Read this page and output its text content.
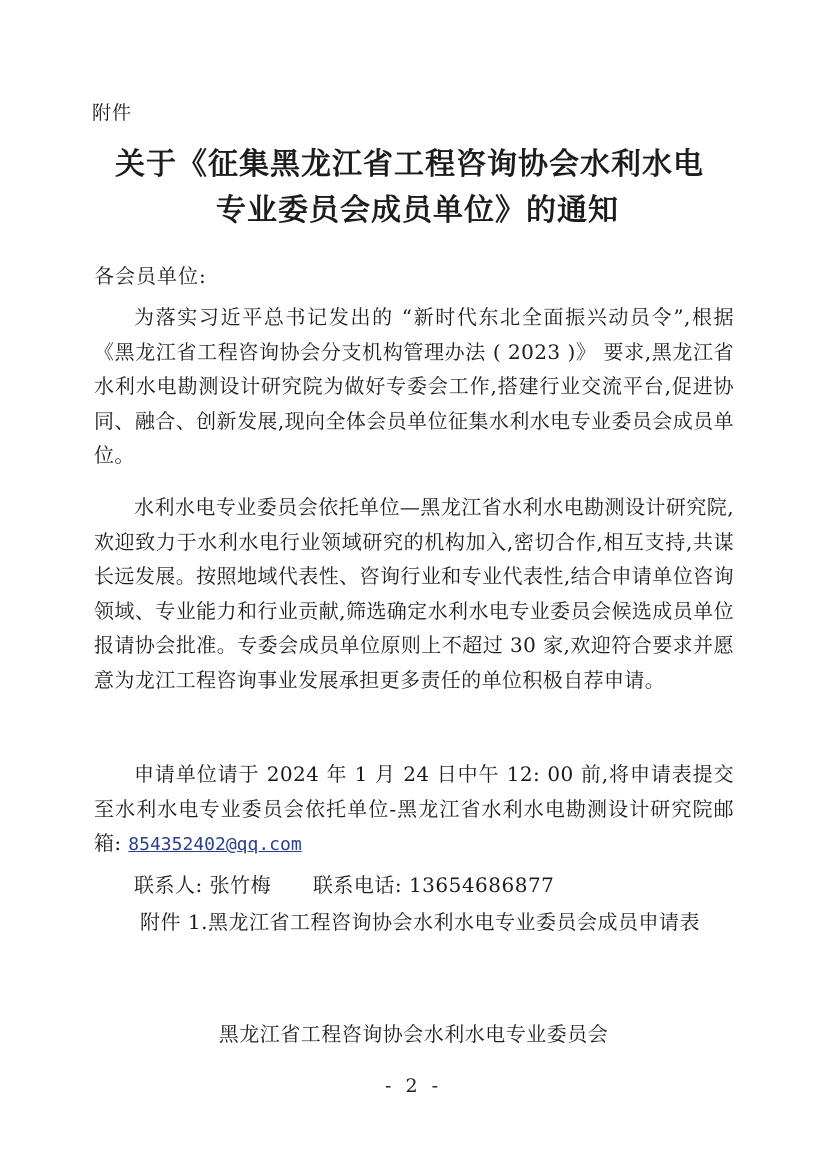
附件
关于《征集黑龙江省工程咨询协会水利水电
专业委员会成员单位》的通知
各会员单位:

为落实习近平总书记发出的 “新时代东北全面振兴动员令”,根据《黑龙江省工程咨询协会分支机构管理办法 ( 2023 )》 要求,黑龙江省水利水电勘测设计研究院为做好专委会工作,搭建行业交流平台,促进协同、融合、创新发展,现向全体会员单位征集水利水电专业委员会成员单位。

水利水电专业委员会依托单位—黑龙江省水利水电勘测设计研究院,欢迎致力于水利水电行业领域研究的机构加入,密切合作,相互支持,共谋长远发展。按照地域代表性、咨询行业和专业代表性,结合申请单位咨询领域、专业能力和行业贡献,筛选确定水利水电专业委员会候选成员单位报请协会批准。专委会成员单位原则上不超过 30 家,欢迎符合要求并愿意为龙江工程咨询事业发展承担更多责任的单位积极自荐申请。

申请单位请于 2024 年 1 月 24 日中午 12: 00 前,将申请表提交至水利水电专业委员会依托单位-黑龙江省水利水电勘测设计研究院邮箱: 854352402@qq.com

联系人: 张竹梅 联系电话: 13654686877
附件 1. 黑龙江省工程咨询协会水利水电专业委员会成员申请表
黑龙江省工程咨询协会水利水电专业委员会
- 2 -
